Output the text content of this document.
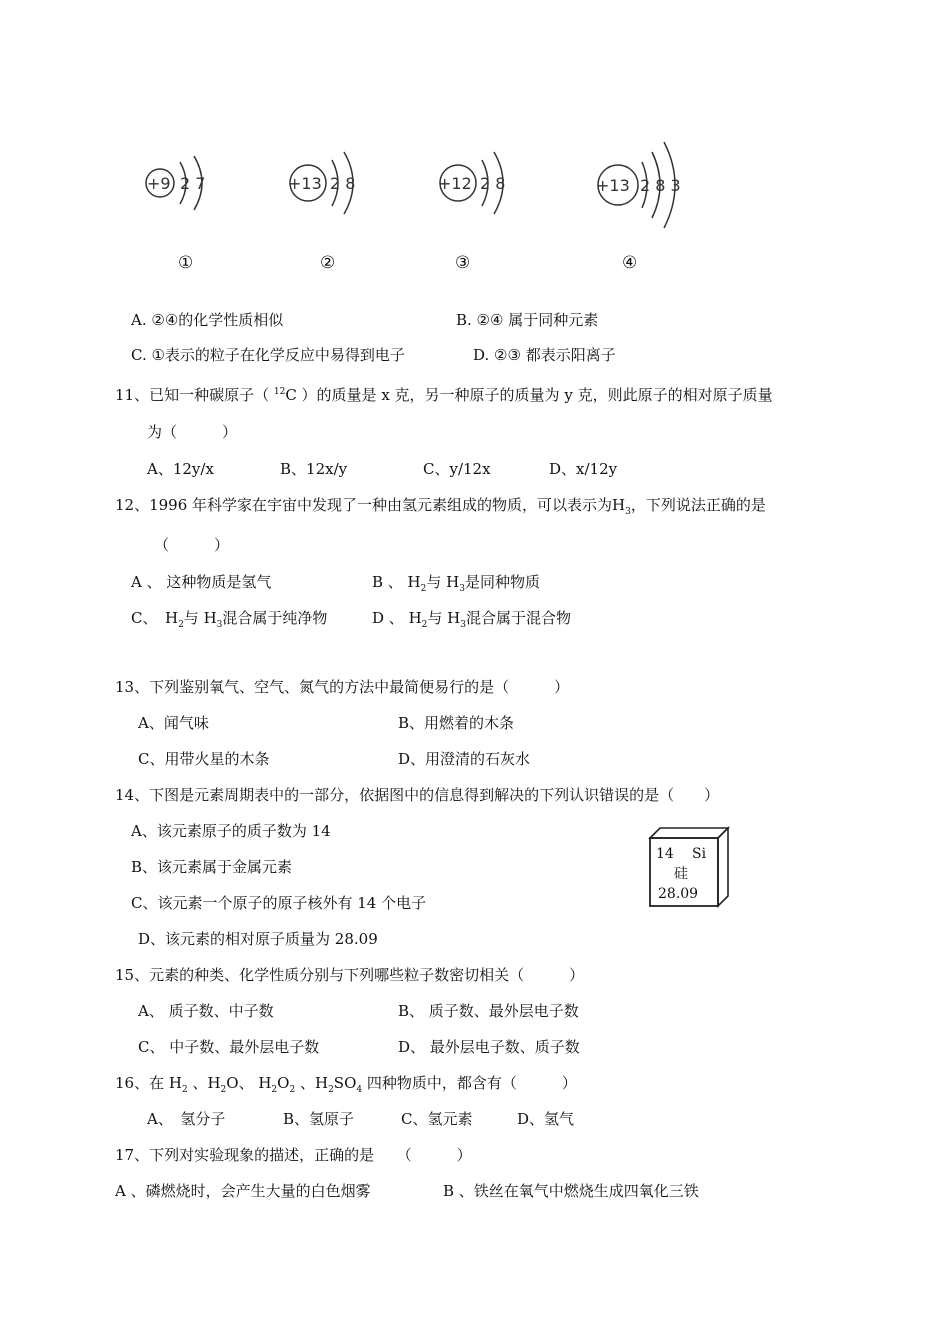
+9 2 7	+13 2 8	+12 2 8	+13 2 8 3
①	②	③	④
A. ②④的化学性质相似	B. ②④ 属于同种元素
C. ①表示的粒子在化学反应中易得到电子	D. ②③ 都表示阳离子
11、已知一种碳原子（ $^{12}$C ）的质量是 x 克，另一种原子的质量为 y 克，则此原子的相对原子质量
为（　　　）
A、12y/x	B、12x/y	C、y/12x	D、x/12y
12、1996 年科学家在宇宙中发现了一种由氢元素组成的物质，可以表示为$H_3$，下列说法正确的是
（　　　）
A 、 这种物质是氢气	B 、 $H_2$与 $H_3$是同种物质
C、　$H_2$与 $H_3$混合属于纯净物	D 、 $H_2$与 $H_3$混合属于混合物
13、下列鉴别氧气、空气、氮气的方法中最简便易行的是（　　　）
A、闻气味	B、用燃着的木条
C、用带火星的木条	D、用澄清的石灰水
14、下图是元素周期表中的一部分，依据图中的信息得到解决的下列认识错误的是（　　）
A、该元素原子的质子数为 14
B、该元素属于金属元素
C、该元素一个原子的原子核外有 14 个电子
D、该元素的相对原子质量为 28.09
14 Si
硅
28.09
15、元素的种类、化学性质分别与下列哪些粒子数密切相关（　　　）
A、 质子数、中子数	B、 质子数、最外层电子数
C、 中子数、最外层电子数	D、 最外层电子数、质子数
16、在 $H_2$ 、$H_2O$、 $H_2O_2$ 、$H_2SO_4$ 四种物质中，都含有（　　　）
A、　氢分子	B、氢原子	C、氢元素	D、氢气
17、下列对实验现象的描述，正确的是　　（　　　）
A 、磷燃烧时，会产生大量的白色烟雾	B 、铁丝在氧气中燃烧生成四氧化三铁
